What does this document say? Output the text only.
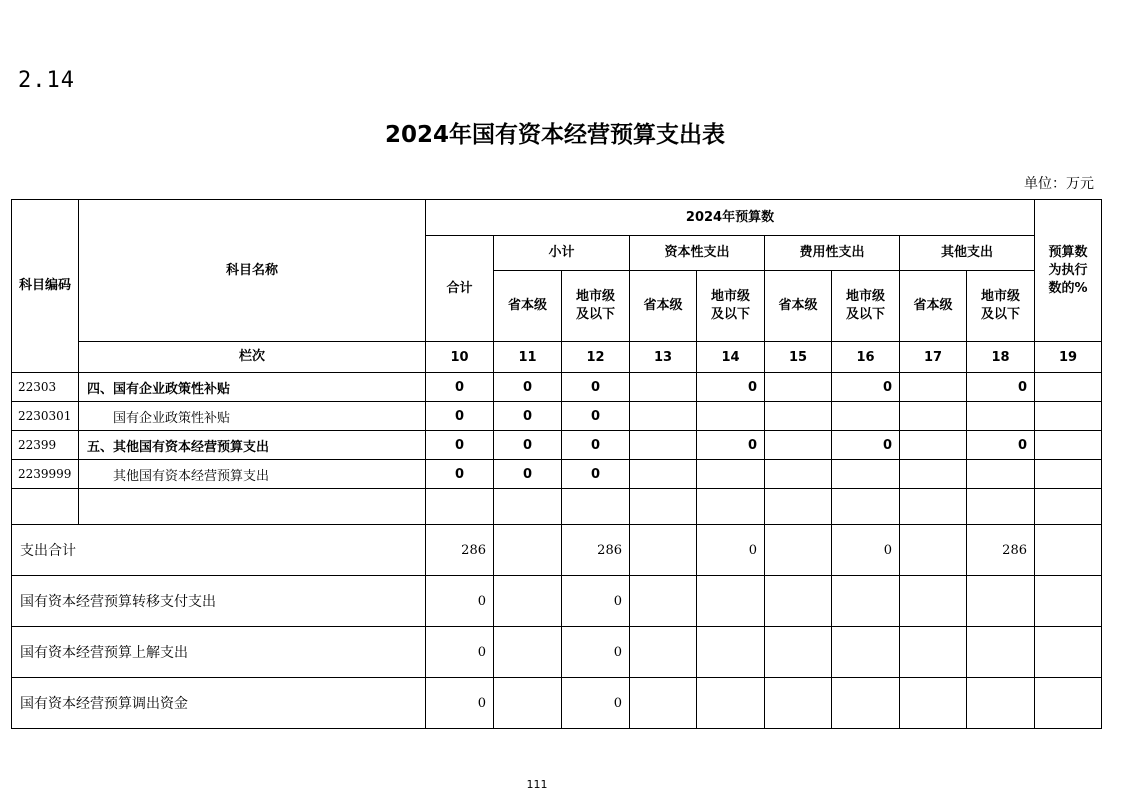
2.14
2024年国有资本经营预算支出表
单位：万元
科目编码	科目名称	2024年预算数									预算数为执行数的%
		合计	小计		资本性支出		费用性支出		其他支出		
			省本级	地市级及以下	省本级	地市级及以下	省本级	地市级及以下	省本级	地市级及以下	
	栏次	10	11	12	13	14	15	16	17	18	19
22303	四、国有企业政策性补贴	0	0	0		0		0		0	
2230301	国有企业政策性补贴	0	0	0							
22399	五、其他国有资本经营预算支出	0	0	0		0		0		0	
2239999	其他国有资本经营预算支出	0	0	0							

支出合计		286		286		0		0		286	
国有资本经营预算转移支付支出		0		0							
国有资本经营预算上解支出		0		0							
国有资本经营预算调出资金		0		0							
111
